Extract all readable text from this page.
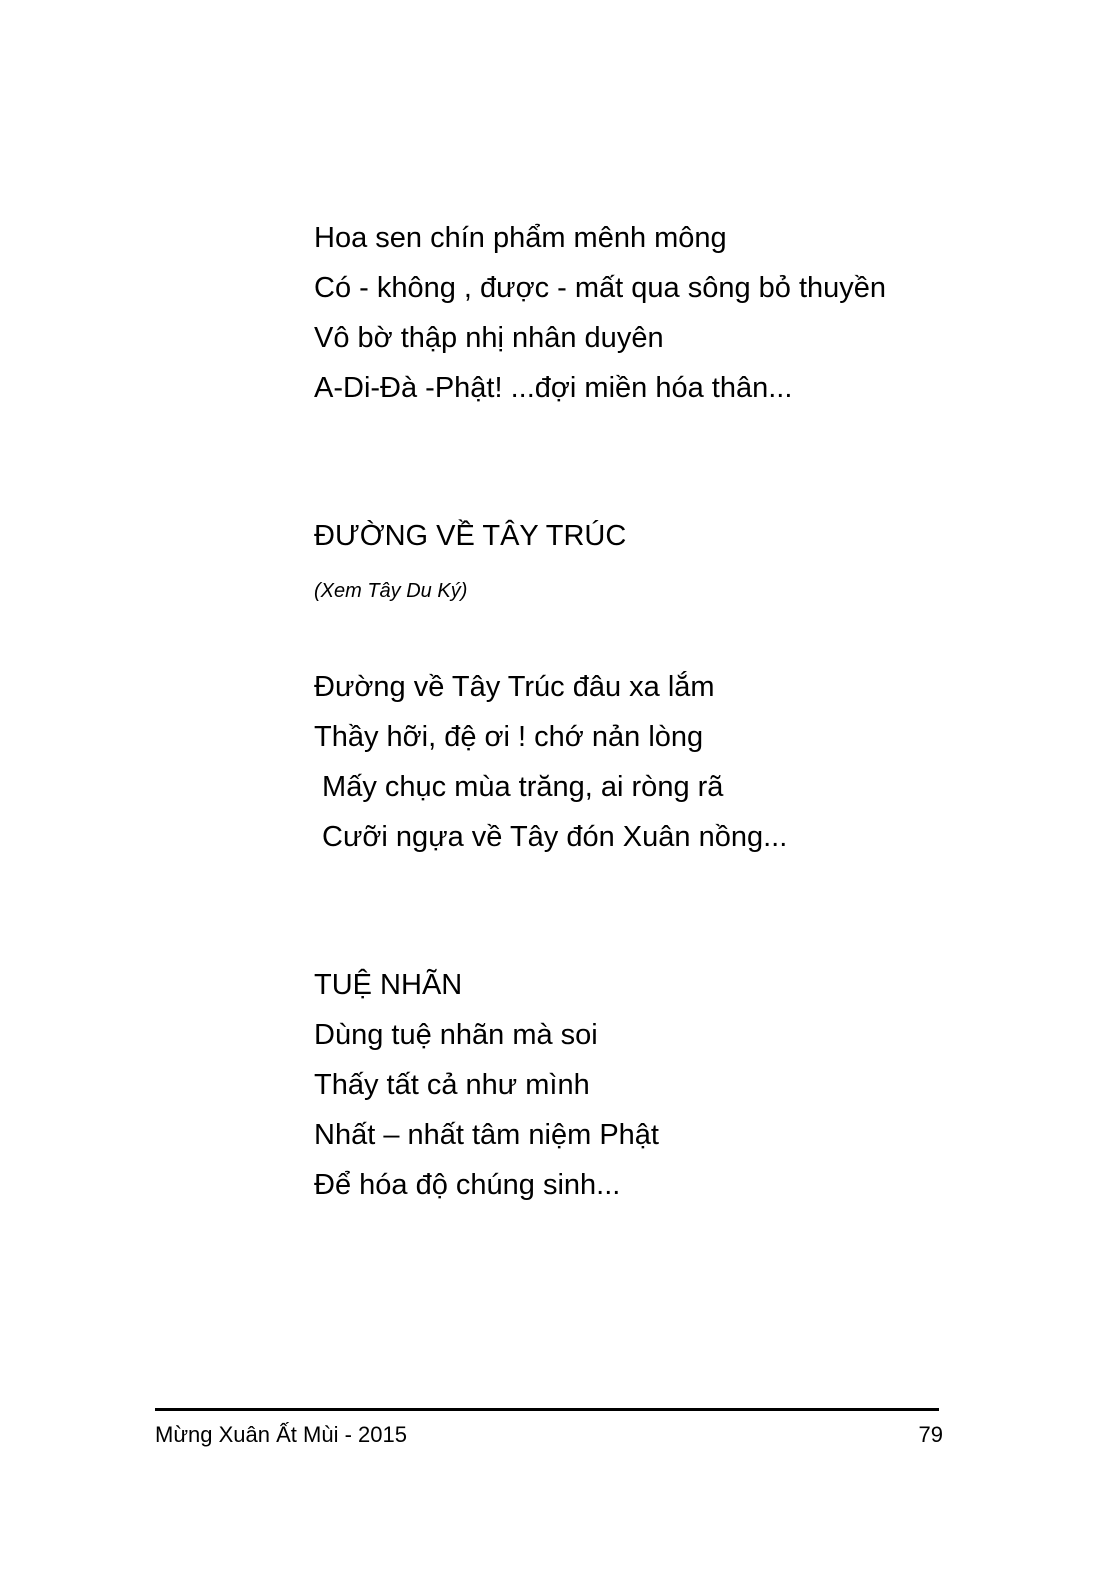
Hoa sen chín phẩm mênh mông
Có - không , được - mất qua sông bỏ thuyền
Vô bờ thập nhị nhân duyên
A-Di-Đà -Phật! ...đợi miền hóa thân...
ĐƯỜNG VỀ TÂY TRÚC
(Xem Tây Du Ký)
Đường về Tây Trúc đâu xa lắm
Thầy hỡi, đệ ơi ! chớ nản lòng
Mấy chục mùa trăng, ai ròng rã
Cưỡi ngựa về Tây đón Xuân nồng...
TUỆ NHÃN
Dùng tuệ nhãn mà soi
Thấy tất cả như mình
Nhất – nhất tâm niệm Phật
Để hóa độ chúng sinh...
Mừng Xuân Ất Mùi - 2015	79
